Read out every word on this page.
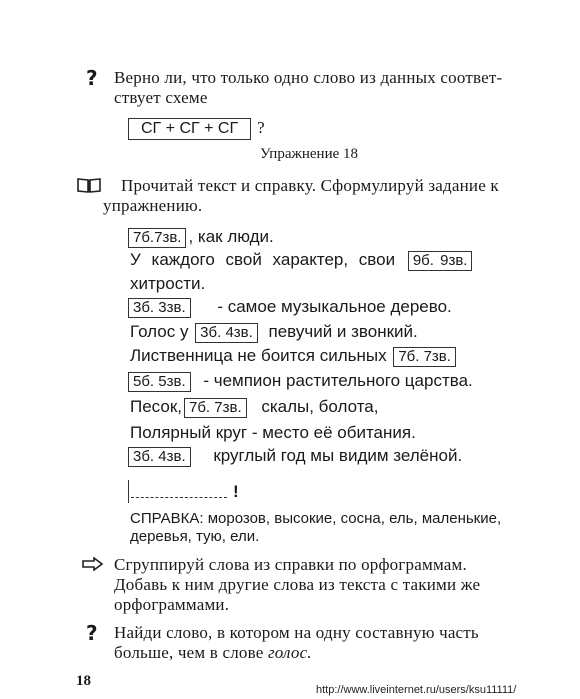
? Верно ли, что только одно слово из данных соответ-
ствует схеме
СГ + СГ + СГ ?
Упражнение 18
Прочитай текст и справку. Сформулируй задание к
упражнению.
7б.7зв. , как люди.
У каждого свой характер, свои 9б. 9зв.
хитрости.
3б. 3зв. - самое музыкальное дерево.
Голос у 3б. 4зв. певучий и звонкий.
Лиственница не боится сильных 7б. 7зв.
5б. 5зв. - чемпион растительного царства.
Песок, 7б. 7зв. скалы, болота,
Полярный круг - место её обитания.
3б. 4зв. круглый год мы видим зелёной.
!
СПРАВКА: морозов, высокие, сосна, ель, маленькие,
деревья, тую, ели.
Сгруппируй слова из справки по орфограммам.
Добавь к ним другие слова из текста с такими же
орфограммами.
? Найди слово, в котором на одну составную часть
больше, чем в слове голос.
18
http://www.liveinternet.ru/users/ksu11111/
